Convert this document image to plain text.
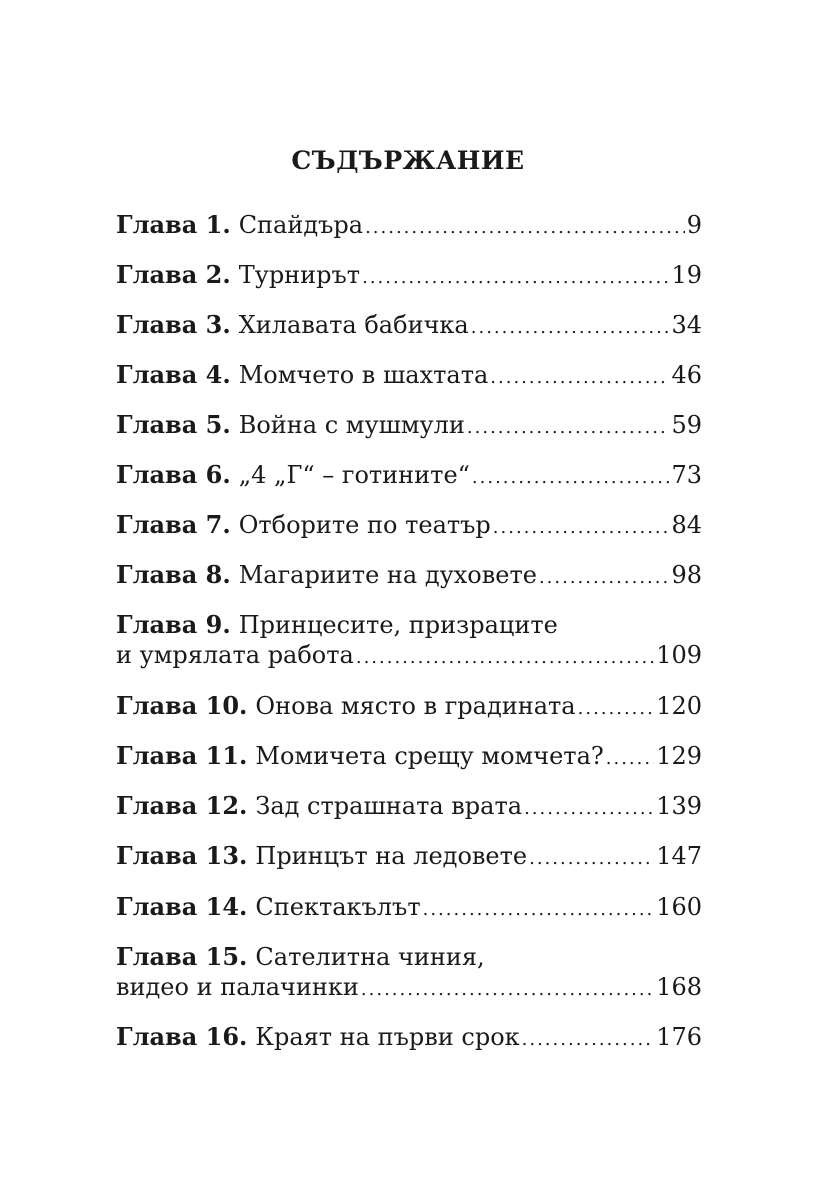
СЪДЪРЖАНИЕ
Глава 1. Спайдъра .....	9
Глава 2. Турнирът .....	19
Глава 3. Хилавата бабичка .....	34
Глава 4. Момчето в шахтата .....	46
Глава 5. Война с мушмули .....	59
Глава 6. „4 „Г“ – готините“ .....	73
Глава 7. Отборите по театър .....	84
Глава 8. Магариите на духовете .....	98
Глава 9. Принцесите, призраците
и умрялата работа .....	109
Глава 10. Онова място в градината .....	120
Глава 11. Момичета срещу момчета? ..... 129
Глава 12. Зад страшната врата .....	139
Глава 13. Принцът на ледовете .....	147
Глава 14. Спектакълът .....	160
Глава 15. Сателитна чиния,
видео и палачинки .....	168
Глава 16. Краят на първи срок .....	176
